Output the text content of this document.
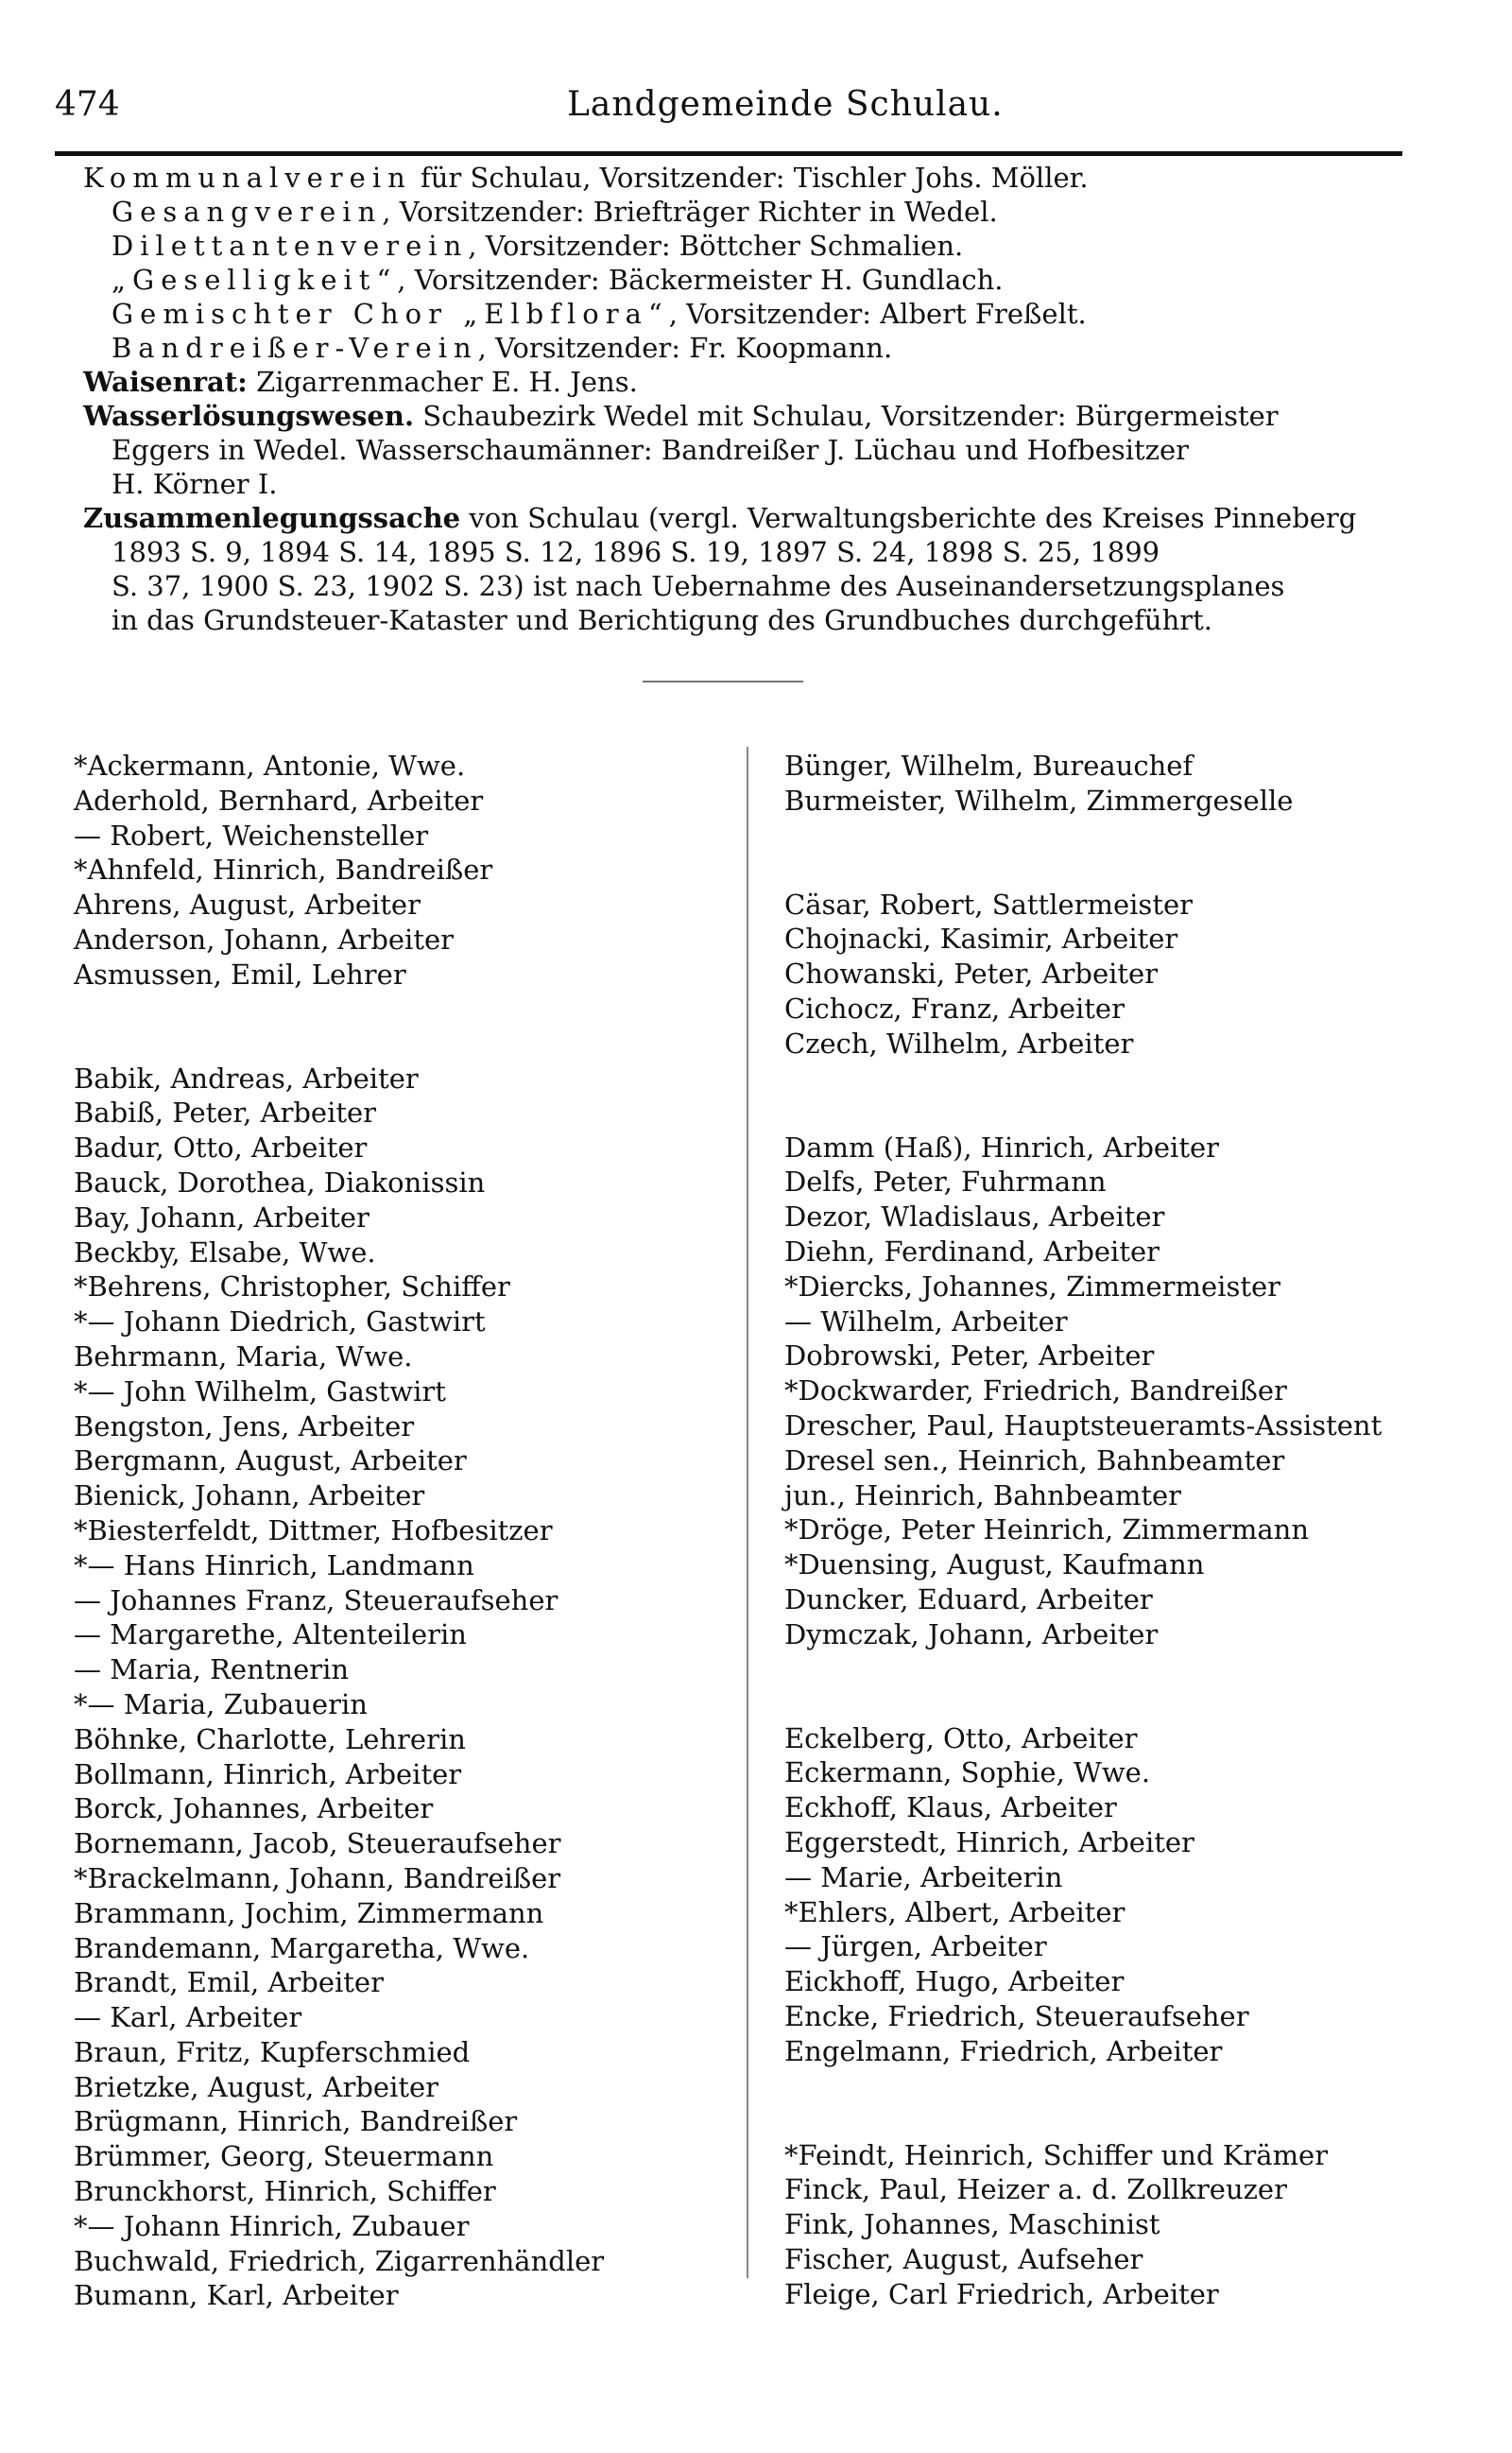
474	Landgemeinde Schulau.
Kommunalverein für Schulau, Vorsitzender: Tischler Johs. Möller.
Gesangverein, Vorsitzender: Briefträger Richter in Wedel.
Dilettantenverein, Vorsitzender: Böttcher Schmalien.
„Geselligkeit“, Vorsitzender: Bäckermeister H. Gundlach.
Gemischter Chor „Elbflora“, Vorsitzender: Albert Freßelt.
Bandreißer-Verein, Vorsitzender: Fr. Koopmann.
Waisenrat: Zigarrenmacher E. H. Jens.
Wasserlösungswesen. Schaubezirk Wedel mit Schulau, Vorsitzender: Bürgermeister
Eggers in Wedel. Wasserschaumänner: Bandreißer J. Lüchau und Hofbesitzer
H. Körner I.
Zusammenlegungssache von Schulau (vergl. Verwaltungsberichte des Kreises Pinneberg
1893 S. 9, 1894 S. 14, 1895 S. 12, 1896 S. 19, 1897 S. 24, 1898 S. 25, 1899
S. 37, 1900 S. 23, 1902 S. 23) ist nach Uebernahme des Auseinandersetzungsplanes
in das Grundsteuer-Kataster und Berichtigung des Grundbuches durchgeführt.
*Ackermann, Antonie, Wwe.
Aderhold, Bernhard, Arbeiter
— Robert, Weichensteller
*Ahnfeld, Hinrich, Bandreißer
Ahrens, August, Arbeiter
Anderson, Johann, Arbeiter
Asmussen, Emil, Lehrer
Babik, Andreas, Arbeiter
Babiß, Peter, Arbeiter
Badur, Otto, Arbeiter
Bauck, Dorothea, Diakonissin
Bay, Johann, Arbeiter
Beckby, Elsabe, Wwe.
*Behrens, Christopher, Schiffer
*— Johann Diedrich, Gastwirt
Behrmann, Maria, Wwe.
*— John Wilhelm, Gastwirt
Bengston, Jens, Arbeiter
Bergmann, August, Arbeiter
Bienick, Johann, Arbeiter
*Biesterfeldt, Dittmer, Hofbesitzer
*— Hans Hinrich, Landmann
— Johannes Franz, Steueraufseher
— Margarethe, Altenteilerin
— Maria, Rentnerin
*— Maria, Zubauerin
Böhnke, Charlotte, Lehrerin
Bollmann, Hinrich, Arbeiter
Borck, Johannes, Arbeiter
Bornemann, Jacob, Steueraufseher
*Brackelmann, Johann, Bandreißer
Brammann, Jochim, Zimmermann
Brandemann, Margaretha, Wwe.
Brandt, Emil, Arbeiter
— Karl, Arbeiter
Braun, Fritz, Kupferschmied
Brietzke, August, Arbeiter
Brügmann, Hinrich, Bandreißer
Brümmer, Georg, Steuermann
Brunckhorst, Hinrich, Schiffer
*— Johann Hinrich, Zubauer
Buchwald, Friedrich, Zigarrenhändler
Bumann, Karl, Arbeiter
Bünger, Wilhelm, Bureauchef
Burmeister, Wilhelm, Zimmergeselle
Cäsar, Robert, Sattlermeister
Chojnacki, Kasimir, Arbeiter
Chowanski, Peter, Arbeiter
Cichocz, Franz, Arbeiter
Czech, Wilhelm, Arbeiter
Damm (Haß), Hinrich, Arbeiter
Delfs, Peter, Fuhrmann
Dezor, Wladislaus, Arbeiter
Diehn, Ferdinand, Arbeiter
*Diercks, Johannes, Zimmermeister
— Wilhelm, Arbeiter
Dobrowski, Peter, Arbeiter
*Dockwarder, Friedrich, Bandreißer
Drescher, Paul, Hauptsteueramts-Assistent
Dresel sen., Heinrich, Bahnbeamter
jun., Heinrich, Bahnbeamter
*Dröge, Peter Heinrich, Zimmermann
*Duensing, August, Kaufmann
Duncker, Eduard, Arbeiter
Dymczak, Johann, Arbeiter
Eckelberg, Otto, Arbeiter
Eckermann, Sophie, Wwe.
Eckhoff, Klaus, Arbeiter
Eggerstedt, Hinrich, Arbeiter
— Marie, Arbeiterin
*Ehlers, Albert, Arbeiter
— Jürgen, Arbeiter
Eickhoff, Hugo, Arbeiter
Encke, Friedrich, Steueraufseher
Engelmann, Friedrich, Arbeiter
*Feindt, Heinrich, Schiffer und Krämer
Finck, Paul, Heizer a. d. Zollkreuzer
Fink, Johannes, Maschinist
Fischer, August, Aufseher
Fleige, Carl Friedrich, Arbeiter
